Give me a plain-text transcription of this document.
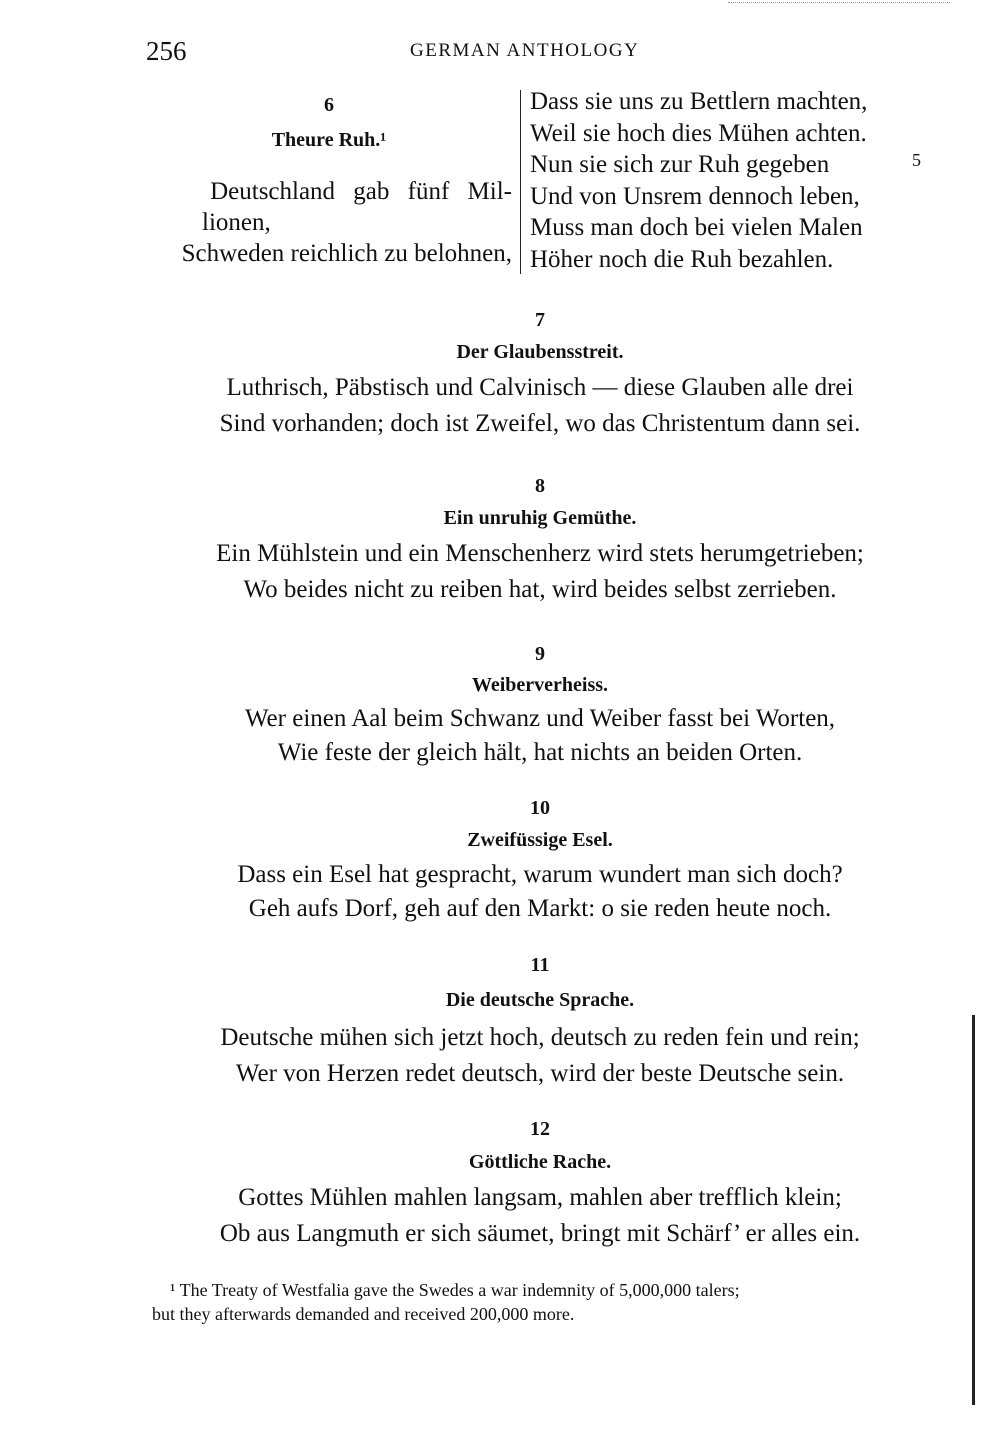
256	GERMAN ANTHOLOGY
6
Theure Ruh.¹
Deutschland gab fünf Mil-
lionen,
Schweden reichlich zu belohnen,
Dass sie uns zu Bettlern machten,
Weil sie hoch dies Mühen achten.
Nun sie sich zur Ruh gegeben
Und von Unsrem dennoch leben,
Muss man doch bei vielen Malen
Höher noch die Ruh bezahlen.
5
7
Der Glaubensstreit.
Luthrisch, Päbstisch und Calvinisch — diese Glauben alle drei
Sind vorhanden; doch ist Zweifel, wo das Christentum dann sei.
8
Ein unruhig Gemüthe.
Ein Mühlstein und ein Menschenherz wird stets herumgetrieben;
Wo beides nicht zu reiben hat, wird beides selbst zerrieben.
9
Weiberverheiss.
Wer einen Aal beim Schwanz und Weiber fasst bei Worten,
Wie feste der gleich hält, hat nichts an beiden Orten.
10
Zweifüssige Esel.
Dass ein Esel hat gespracht, warum wundert man sich doch?
Geh aufs Dorf, geh auf den Markt: o sie reden heute noch.
11
Die deutsche Sprache.
Deutsche mühen sich jetzt hoch, deutsch zu reden fein und rein;
Wer von Herzen redet deutsch, wird der beste Deutsche sein.
12
Göttliche Rache.
Gottes Mühlen mahlen langsam, mahlen aber trefflich klein;
Ob aus Langmuth er sich säumet, bringt mit Schärf’ er alles ein.
¹ The Treaty of Westfalia gave the Swedes a war indemnity of 5,000,000 talers;
but they afterwards demanded and received 200,000 more.
